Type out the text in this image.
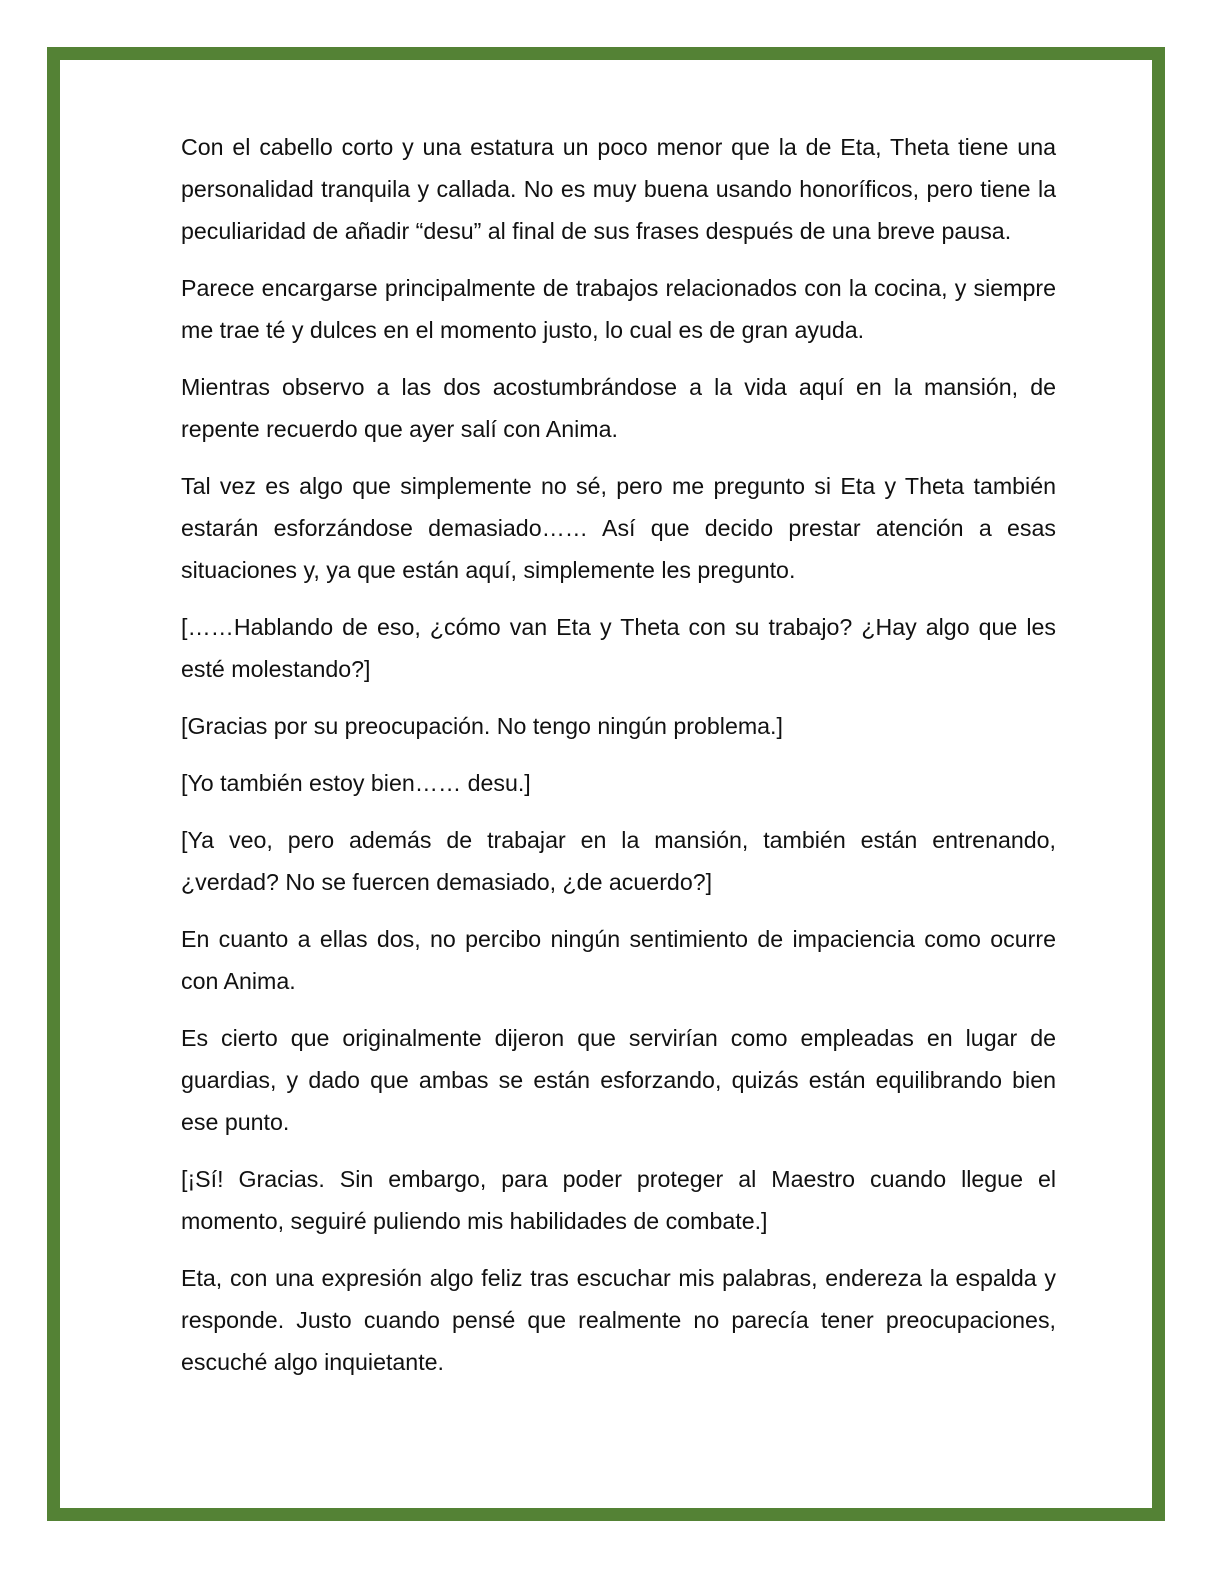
Con el cabello corto y una estatura un poco menor que la de Eta, Theta tiene una personalidad tranquila y callada. No es muy buena usando honoríficos, pero tiene la peculiaridad de añadir “desu” al final de sus frases después de una breve pausa.

Parece encargarse principalmente de trabajos relacionados con la cocina, y siempre me trae té y dulces en el momento justo, lo cual es de gran ayuda.

Mientras observo a las dos acostumbrándose a la vida aquí en la mansión, de repente recuerdo que ayer salí con Anima.

Tal vez es algo que simplemente no sé, pero me pregunto si Eta y Theta también estarán esforzándose demasiado…… Así que decido prestar atención a esas situaciones y, ya que están aquí, simplemente les pregunto.

[……Hablando de eso, ¿cómo van Eta y Theta con su trabajo? ¿Hay algo que les esté molestando?]

[Gracias por su preocupación. No tengo ningún problema.]

[Yo también estoy bien…… desu.]

[Ya veo, pero además de trabajar en la mansión, también están entrenando, ¿verdad? No se fuercen demasiado, ¿de acuerdo?]

En cuanto a ellas dos, no percibo ningún sentimiento de impaciencia como ocurre con Anima.

Es cierto que originalmente dijeron que servirían como empleadas en lugar de guardias, y dado que ambas se están esforzando, quizás están equilibrando bien ese punto.

[¡Sí! Gracias. Sin embargo, para poder proteger al Maestro cuando llegue el momento, seguiré puliendo mis habilidades de combate.]

Eta, con una expresión algo feliz tras escuchar mis palabras, endereza la espalda y responde. Justo cuando pensé que realmente no parecía tener preocupaciones, escuché algo inquietante.
